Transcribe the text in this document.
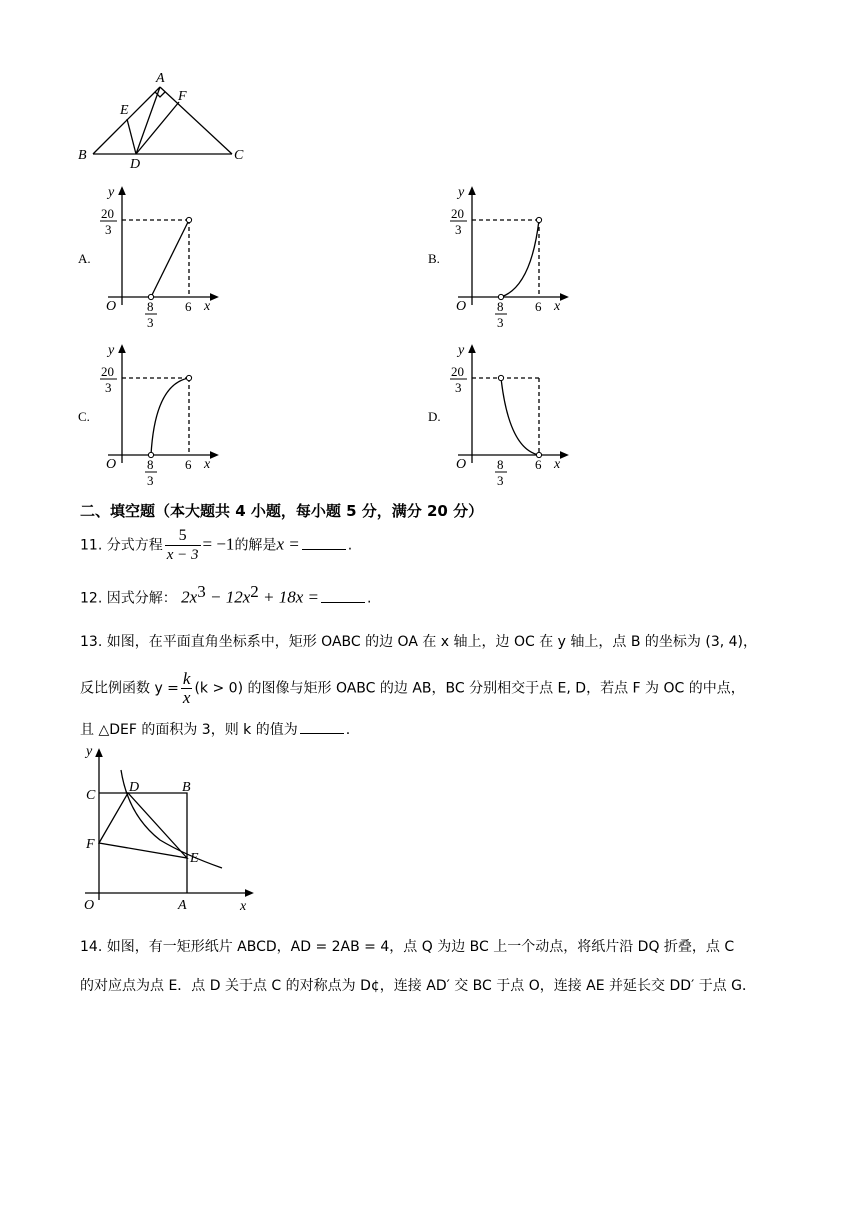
A
E
F
B
D
C
A.
y
x
O
20
3
8
3
6
B.
y
x
O
20
3
8
3
6
C.
y
x
O
20
3
8
3
6
D.
y
x
O
20
3
8
3
6
二、填空题（本大题共 4 小题，每小题 5 分，满分 20 分）
11. 分式方程 $\frac{5}{x - 3} = -1$的解是x =	.
12. 因式分解： $2x^3 - 12x^2 + 18x$ =	.
13. 如图，在平面直角坐标系中，矩形 OABC 的边 OA 在 x 轴上，边 OC 在 y 轴上，点 B 的坐标为 (3, 4)，
反比例函数 $y = \frac{k}{x} (k > 0)$ 的图像与矩形 OABC 的边 AB，BC 分别相交于点 E, D，若点 F 为 OC 的中点，
且 △DEF 的面积为 3，则 k 的值为	.
y
x
O	A
B
C
D
E
F
14. 如图，有一矩形纸片 ABCD，AD = 2AB = 4，点 Q 为边 BC 上一个动点，将纸片沿 DQ 折叠，点 C
的对应点为点 E．点 D 关于点 C 的对称点为 D¢，连接 AD′ 交 BC 于点 O，连接 AE 并延长交 DD′ 于点 G．
